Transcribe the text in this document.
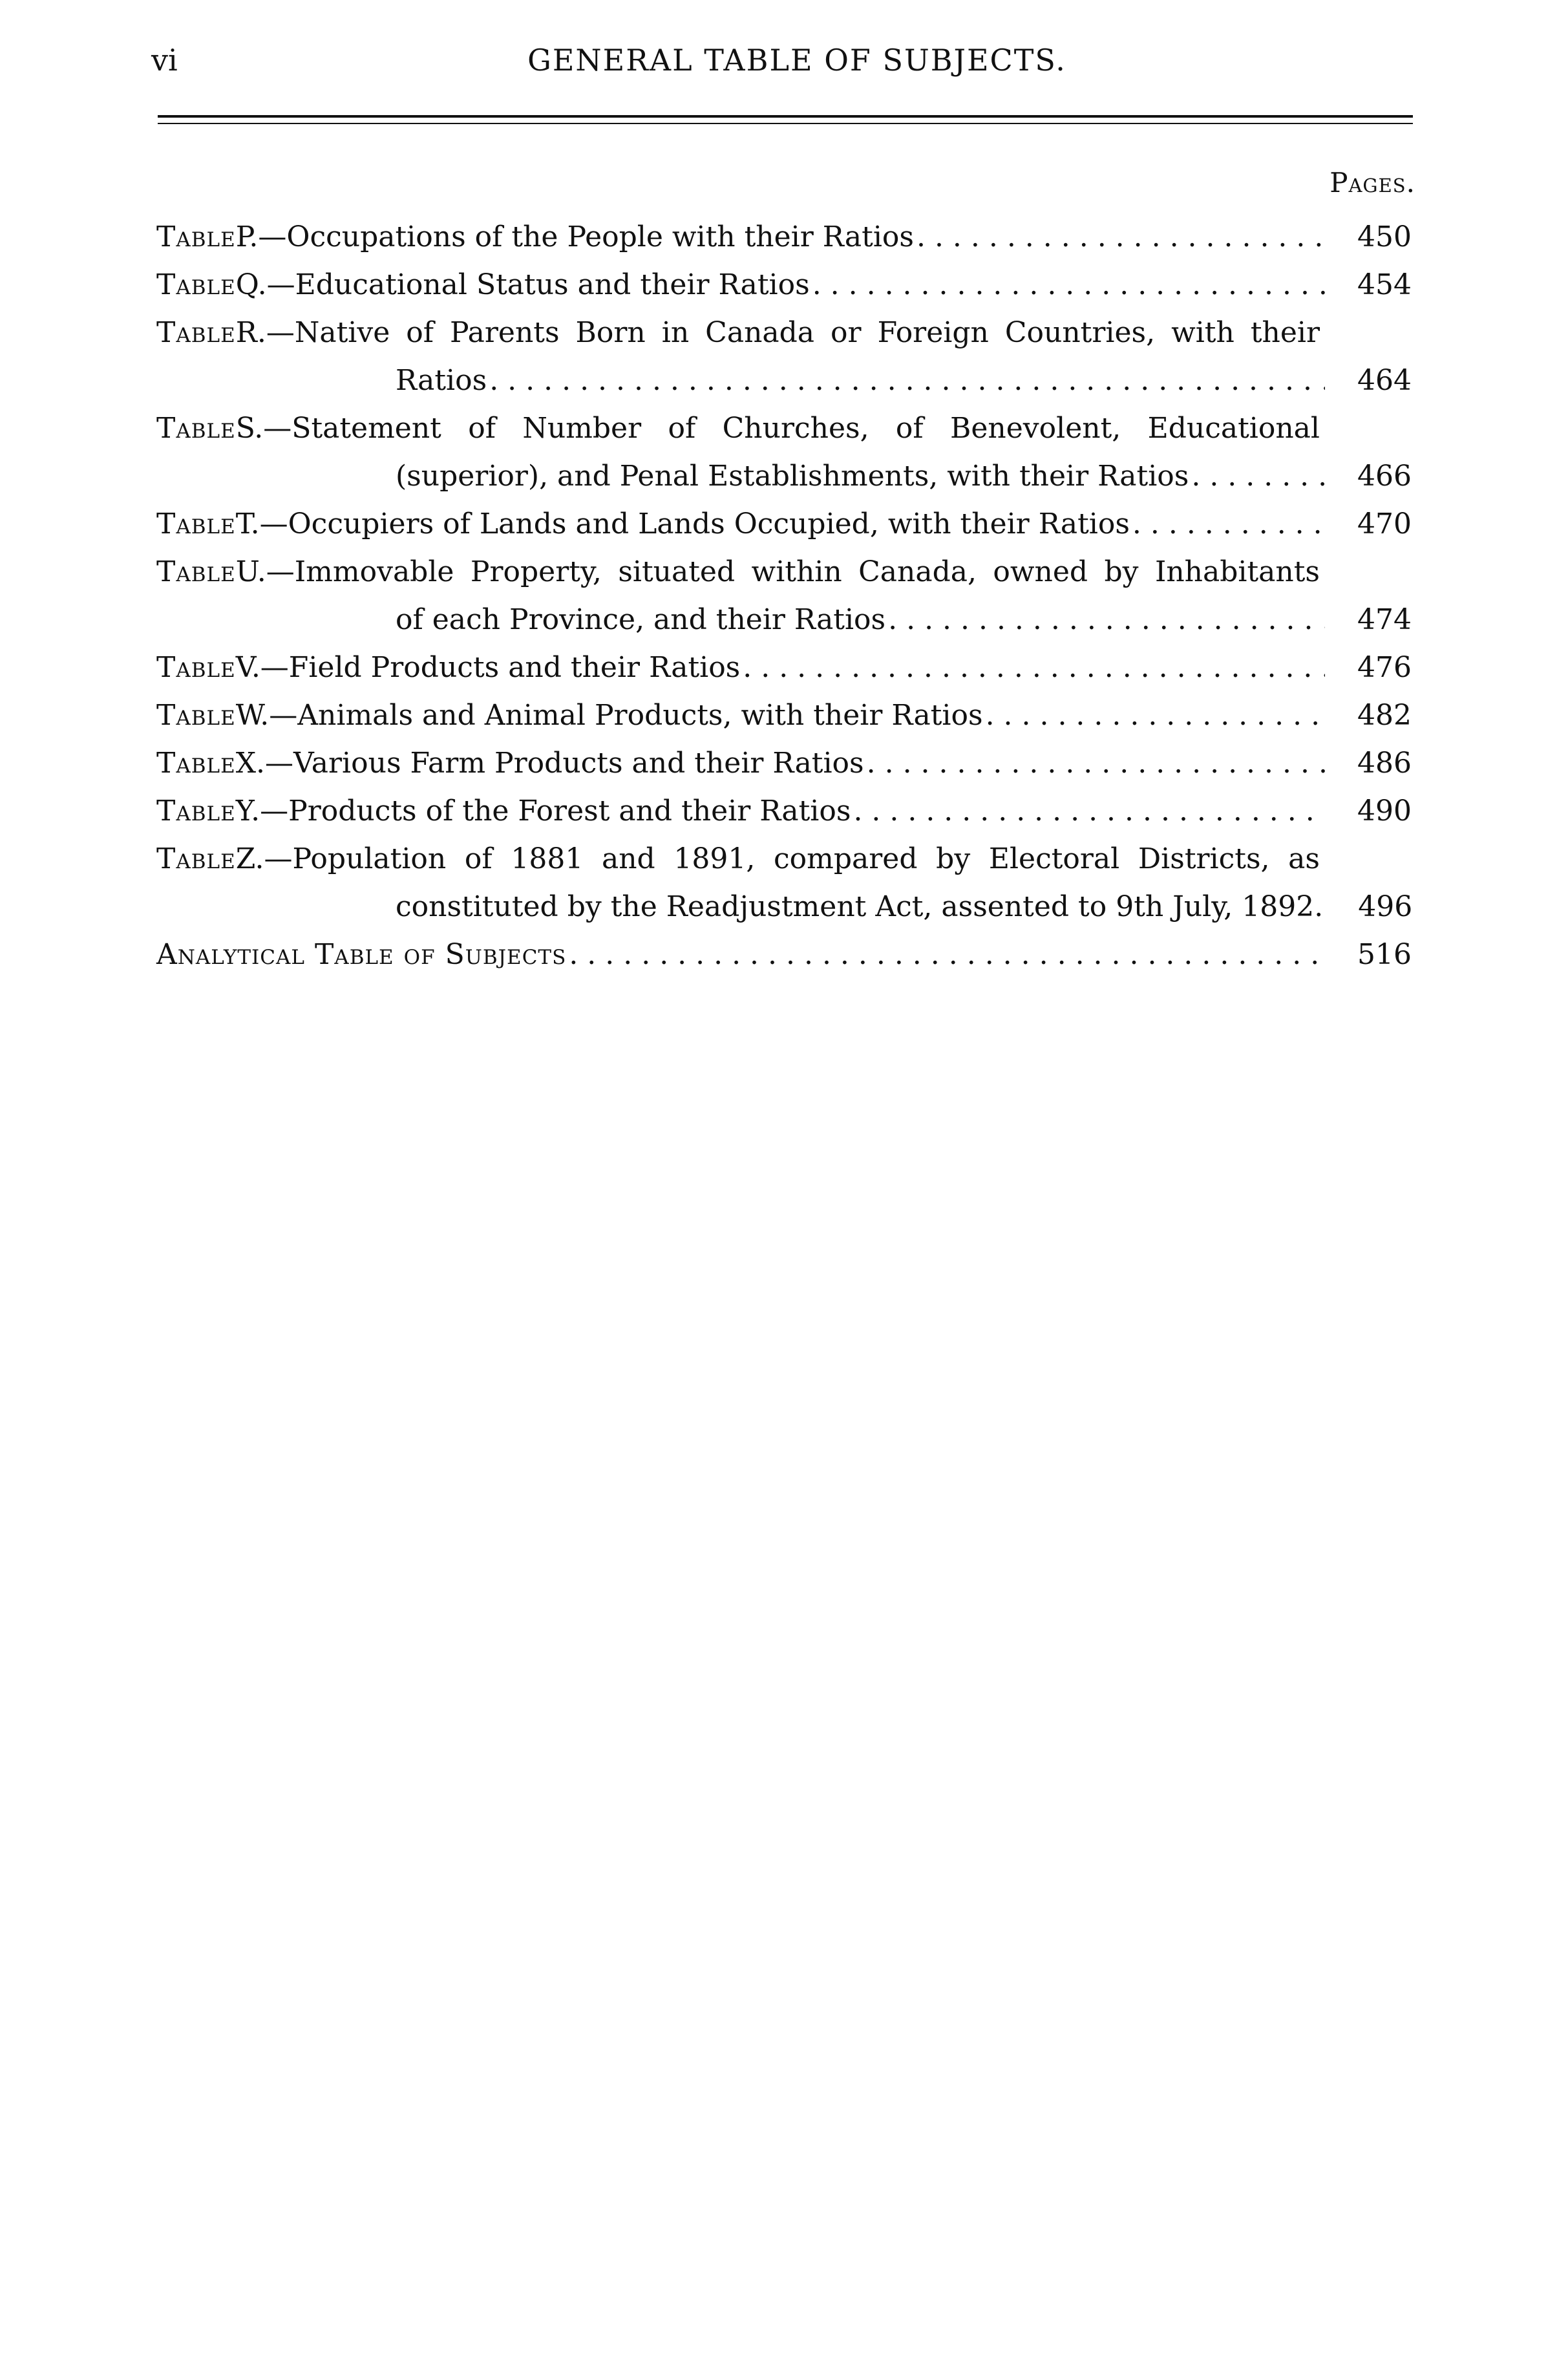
vi	GENERAL TABLE OF SUBJECTS.
Pages.
Table P.—Occupations of the People with their Ratios . . .	450
Table Q.—Educational Status and their Ratios . . .	454
Table R.—Native of Parents Born in Canada or Foreign Countries, with their
Ratios . . .	464
Table S.—Statement of Number of Churches, of Benevolent, Educational
(superior), and Penal Establishments, with their Ratios . . .	466
Table T.—Occupiers of Lands and Lands Occupied, with their Ratios . . .	470
Table U.—Immovable Property, situated within Canada, owned by Inhabitants
of each Province, and their Ratios . . .	474
Table V.—Field Products and their Ratios . . .	476
Table W.—Animals and Animal Products, with their Ratios . . .	482
Table X.—Various Farm Products and their Ratios . . .	486
Table Y.—Products of the Forest and their Ratios . . .	490
Table Z.—Population of 1881 and 1891, compared by Electoral Districts, as
constituted by the Readjustment Act, assented to 9th July, 1892.	496
Analytical Table of Subjects . . .	516
